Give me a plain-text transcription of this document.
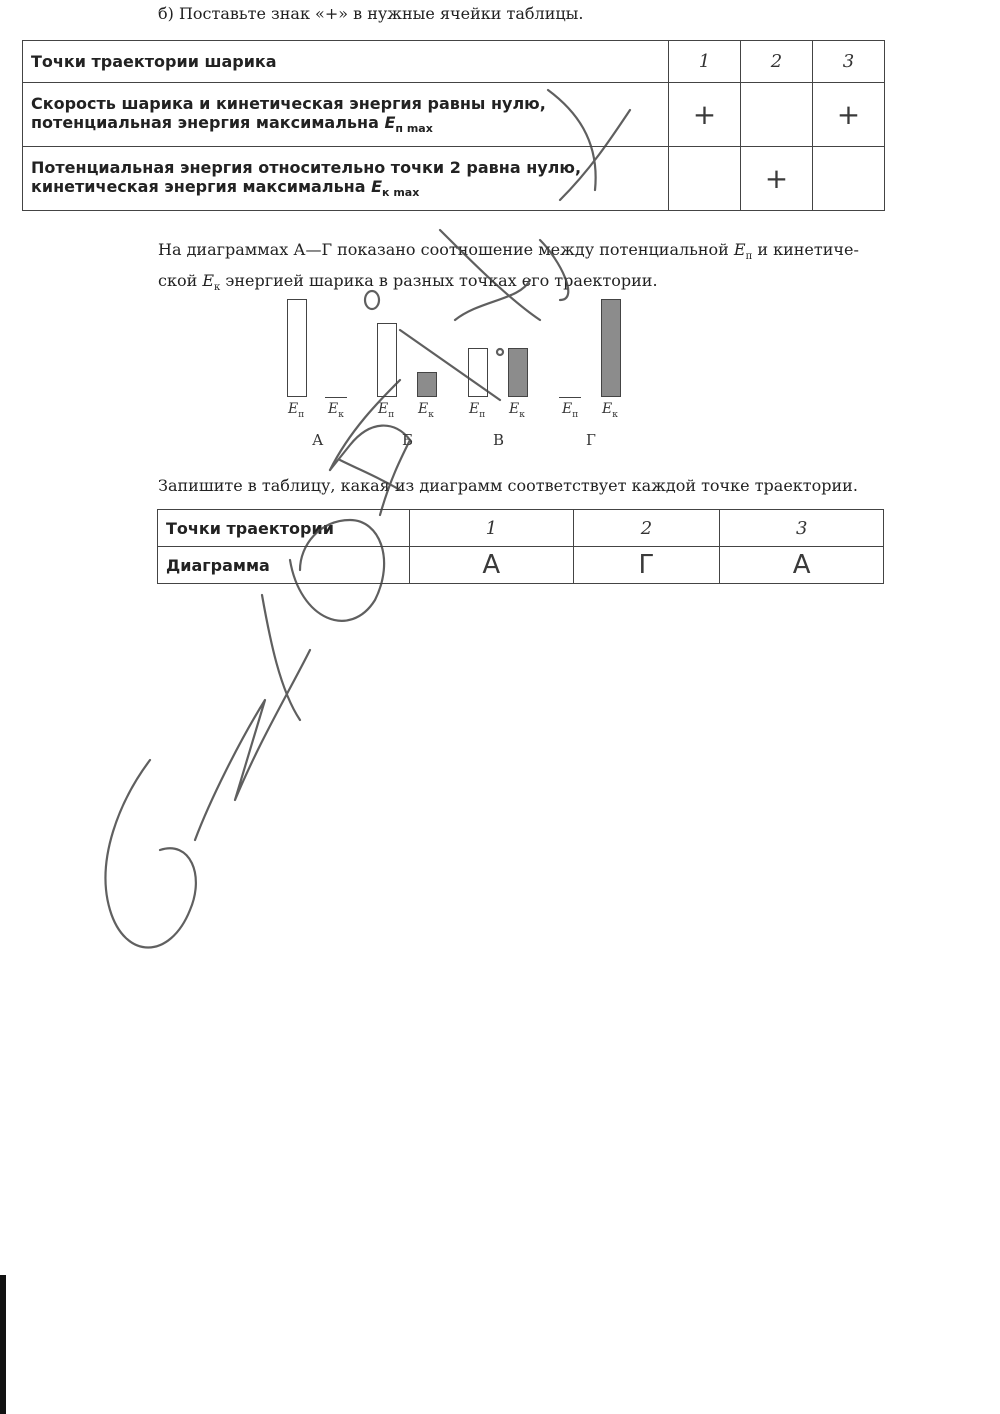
б) Поставьте знак «+» в нужные ячейки таблицы.
Точки траектории шарика	1	2	3
Скорость шарика и кинетическая энергия равны нулю,
потенциальная энергия максимальна $E_{п max}$	+		+
Потенциальная энергия относительно точки 2 равна нулю,
кинетическая энергия максимальна $E_{к max}$		+	
На диаграммах А—Г показано соотношение между потенциальной $E_п$ и кинетиче-ской $E_к$ энергией шарика в разных точках его траектории.
$E_п$ $E_к$
А
$E_п$ $E_к$
Б
$E_п$ $E_к$
В
$E_п$ $E_к$
Г
Запишите в таблицу, какая из диаграмм соответствует каждой точке траектории.
Точки траектории	1	2	3
Диаграмма	А	Г	А
